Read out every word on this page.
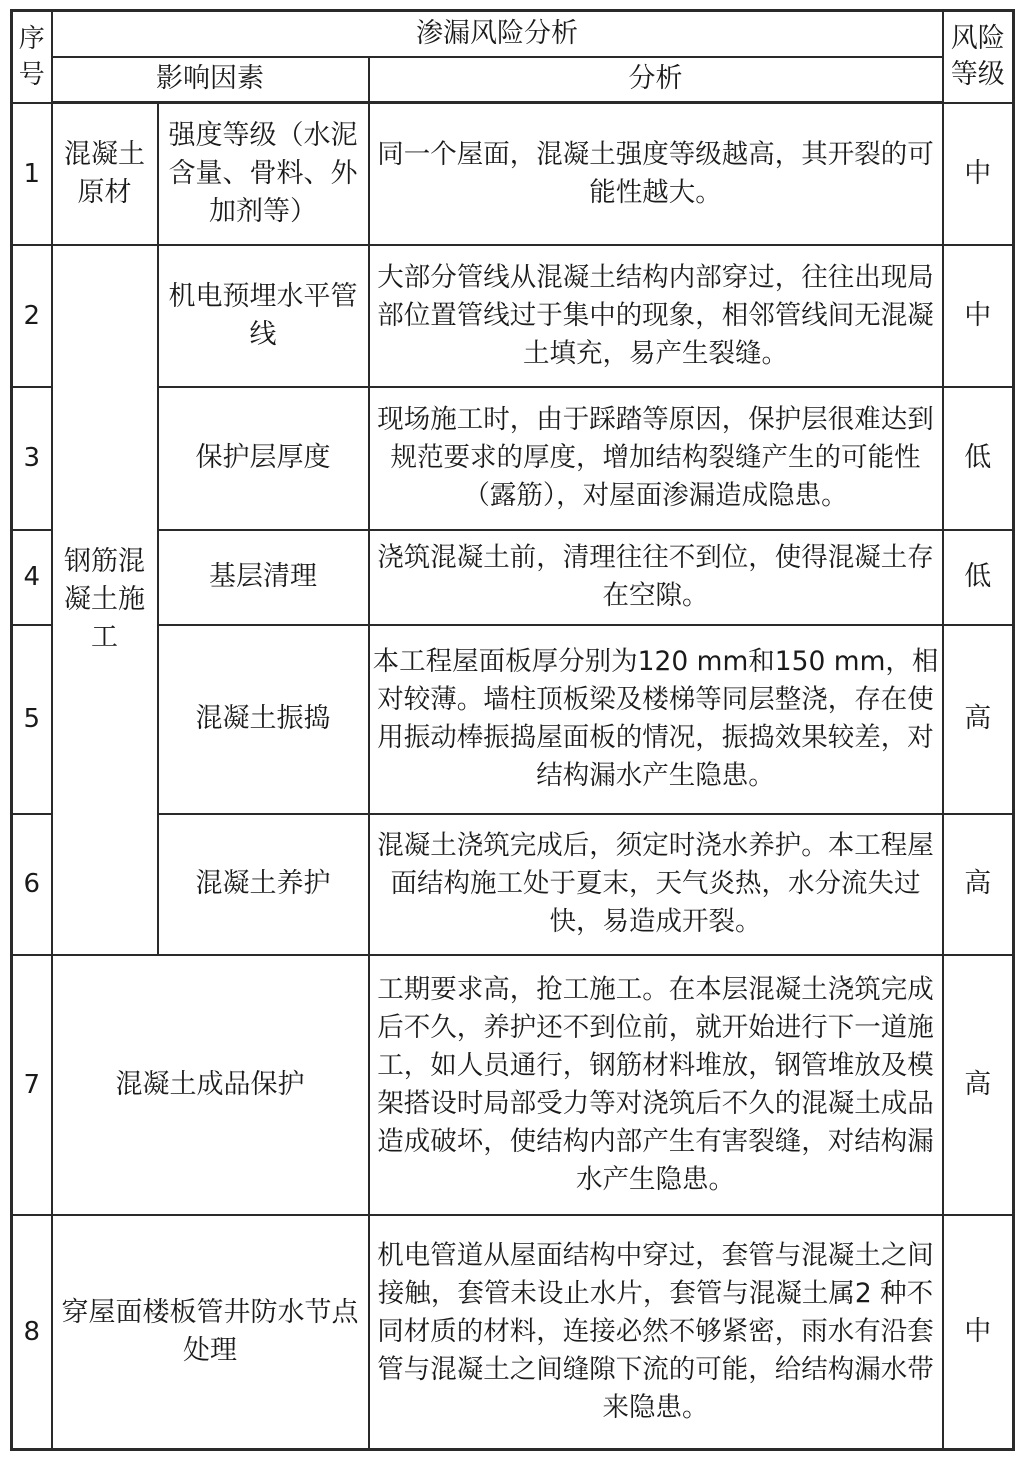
序号	渗漏风险分析			风险等级
	影响因素		分析	
1	混凝土原材	强度等级（水泥含量、骨料、外加剂等）	同一个屋面，混凝土强度等级越高，其开裂的可能性越大。	中
2	钢筋混凝土施工	机电预埋水平管线	大部分管线从混凝土结构内部穿过，往往出现局部位置管线过于集中的现象，相邻管线间无混凝土填充，易产生裂缝。	中
3		保护层厚度	现场施工时，由于踩踏等原因，保护层很难达到规范要求的厚度，增加结构裂缝产生的可能性（露筋），对屋面渗漏造成隐患。	低
4		基层清理	浇筑混凝土前，清理往往不到位，使得混凝土存在空隙。	低
5		混凝土振捣	本工程屋面板厚分别为120 mm和150 mm，相对较薄。墙柱顶板梁及楼梯等同层整浇，存在使用振动棒振捣屋面板的情况，振捣效果较差，对结构漏水产生隐患。	高
6		混凝土养护	混凝土浇筑完成后，须定时浇水养护。本工程屋面结构施工处于夏末，天气炎热，水分流失过快，易造成开裂。	高
7	混凝土成品保护		工期要求高，抢工施工。在本层混凝土浇筑完成后不久，养护还不到位前，就开始进行下一道施工，如人员通行，钢筋材料堆放，钢管堆放及模架搭设时局部受力等对浇筑后不久的混凝土成品造成破坏，使结构内部产生有害裂缝，对结构漏水产生隐患。	高
8	穿屋面楼板管井防水节点处理		机电管道从屋面结构中穿过，套管与混凝土之间接触，套管未设止水片，套管与混凝土属2 种不同材质的材料，连接必然不够紧密，雨水有沿套管与混凝土之间缝隙下流的可能，给结构漏水带来隐患。	中
